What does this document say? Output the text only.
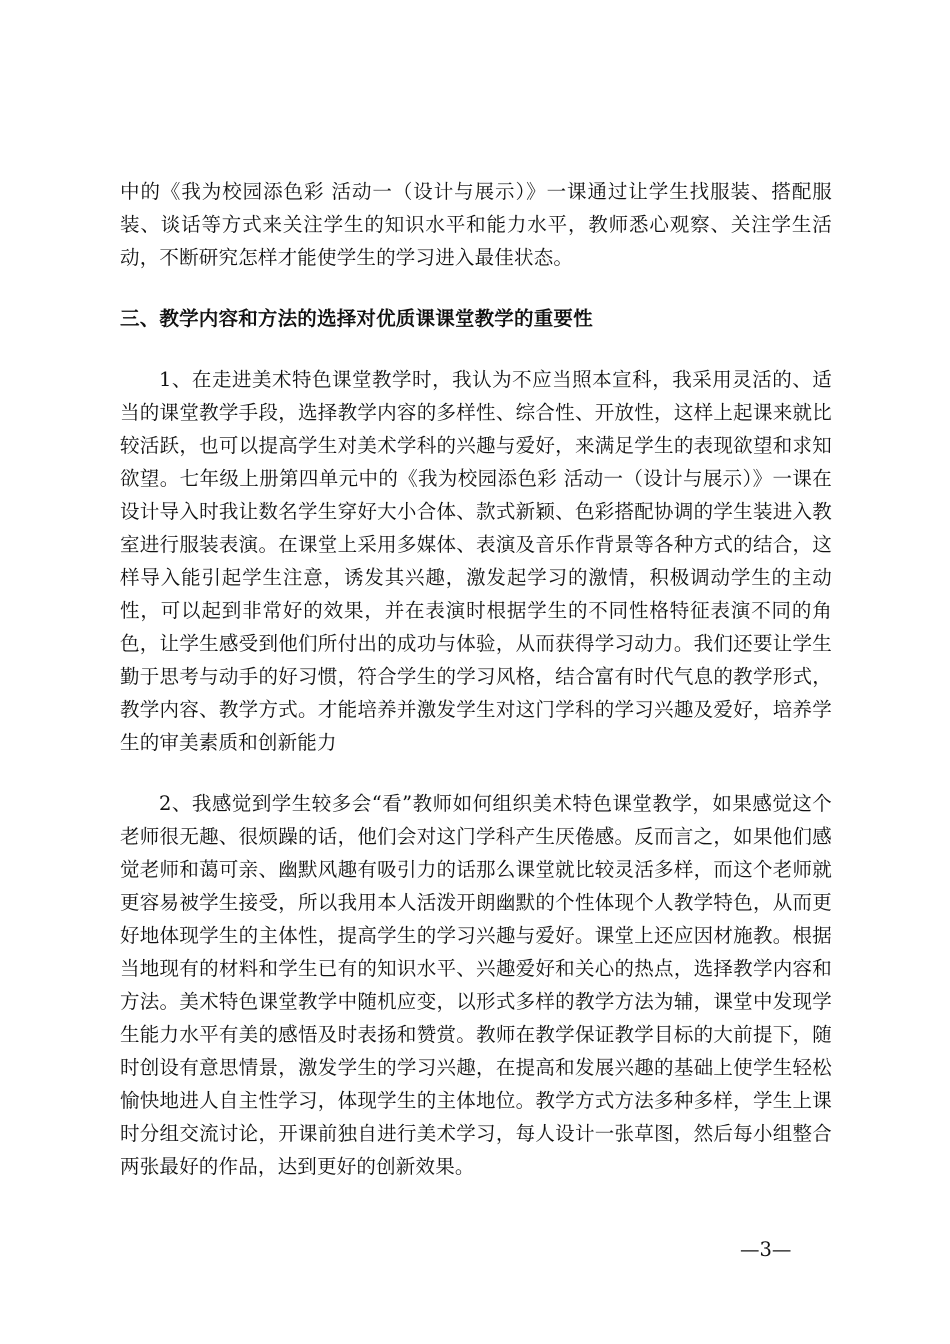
中的《我为校园添色彩 活动一（设计与展示）》一课通过让学生找服装、搭配服装、谈话等方式来关注学生的知识水平和能力水平，教师悉心观察、关注学生活动，不断研究怎样才能使学生的学习进入最佳状态。

三、教学内容和方法的选择对优质课课堂教学的重要性

1、在走进美术特色课堂教学时，我认为不应当照本宣科，我采用灵活的、适当的课堂教学手段，选择教学内容的多样性、综合性、开放性，这样上起课来就比较活跃，也可以提高学生对美术学科的兴趣与爱好，来满足学生的表现欲望和求知欲望。七年级上册第四单元中的《我为校园添色彩 活动一（设计与展示）》一课在设计导入时我让数名学生穿好大小合体、款式新颖、色彩搭配协调的学生装进入教室进行服装表演。在课堂上采用多媒体、表演及音乐作背景等各种方式的结合，这样导入能引起学生注意，诱发其兴趣，激发起学习的激情，积极调动学生的主动性，可以起到非常好的效果，并在表演时根据学生的不同性格特征表演不同的角色，让学生感受到他们所付出的成功与体验，从而获得学习动力。我们还要让学生勤于思考与动手的好习惯，符合学生的学习风格，结合富有时代气息的教学形式，教学内容、教学方式。才能培养并激发学生对这门学科的学习兴趣及爱好，培养学生的审美素质和创新能力

2、我感觉到学生较多会“看”教师如何组织美术特色课堂教学，如果感觉这个老师很无趣、很烦躁的话，他们会对这门学科产生厌倦感。反而言之，如果他们感觉老师和蔼可亲、幽默风趣有吸引力的话那么课堂就比较灵活多样，而这个老师就更容易被学生接受，所以我用本人活泼开朗幽默的个性体现个人教学特色，从而更好地体现学生的主体性，提高学生的学习兴趣与爱好。课堂上还应因材施教。根据当地现有的材料和学生已有的知识水平、兴趣爱好和关心的热点，选择教学内容和方法。美术特色课堂教学中随机应变，以形式多样的教学方法为辅，课堂中发现学生能力水平有美的感悟及时表扬和赞赏。教师在教学保证教学目标的大前提下，随时创设有意思情景，激发学生的学习兴趣，在提高和发展兴趣的基础上使学生轻松愉快地进人自主性学习，体现学生的主体地位。教学方式方法多种多样，学生上课时分组交流讨论，开课前独自进行美术学习，每人设计一张草图，然后每小组整合两张最好的作品，达到更好的创新效果。

—3—
